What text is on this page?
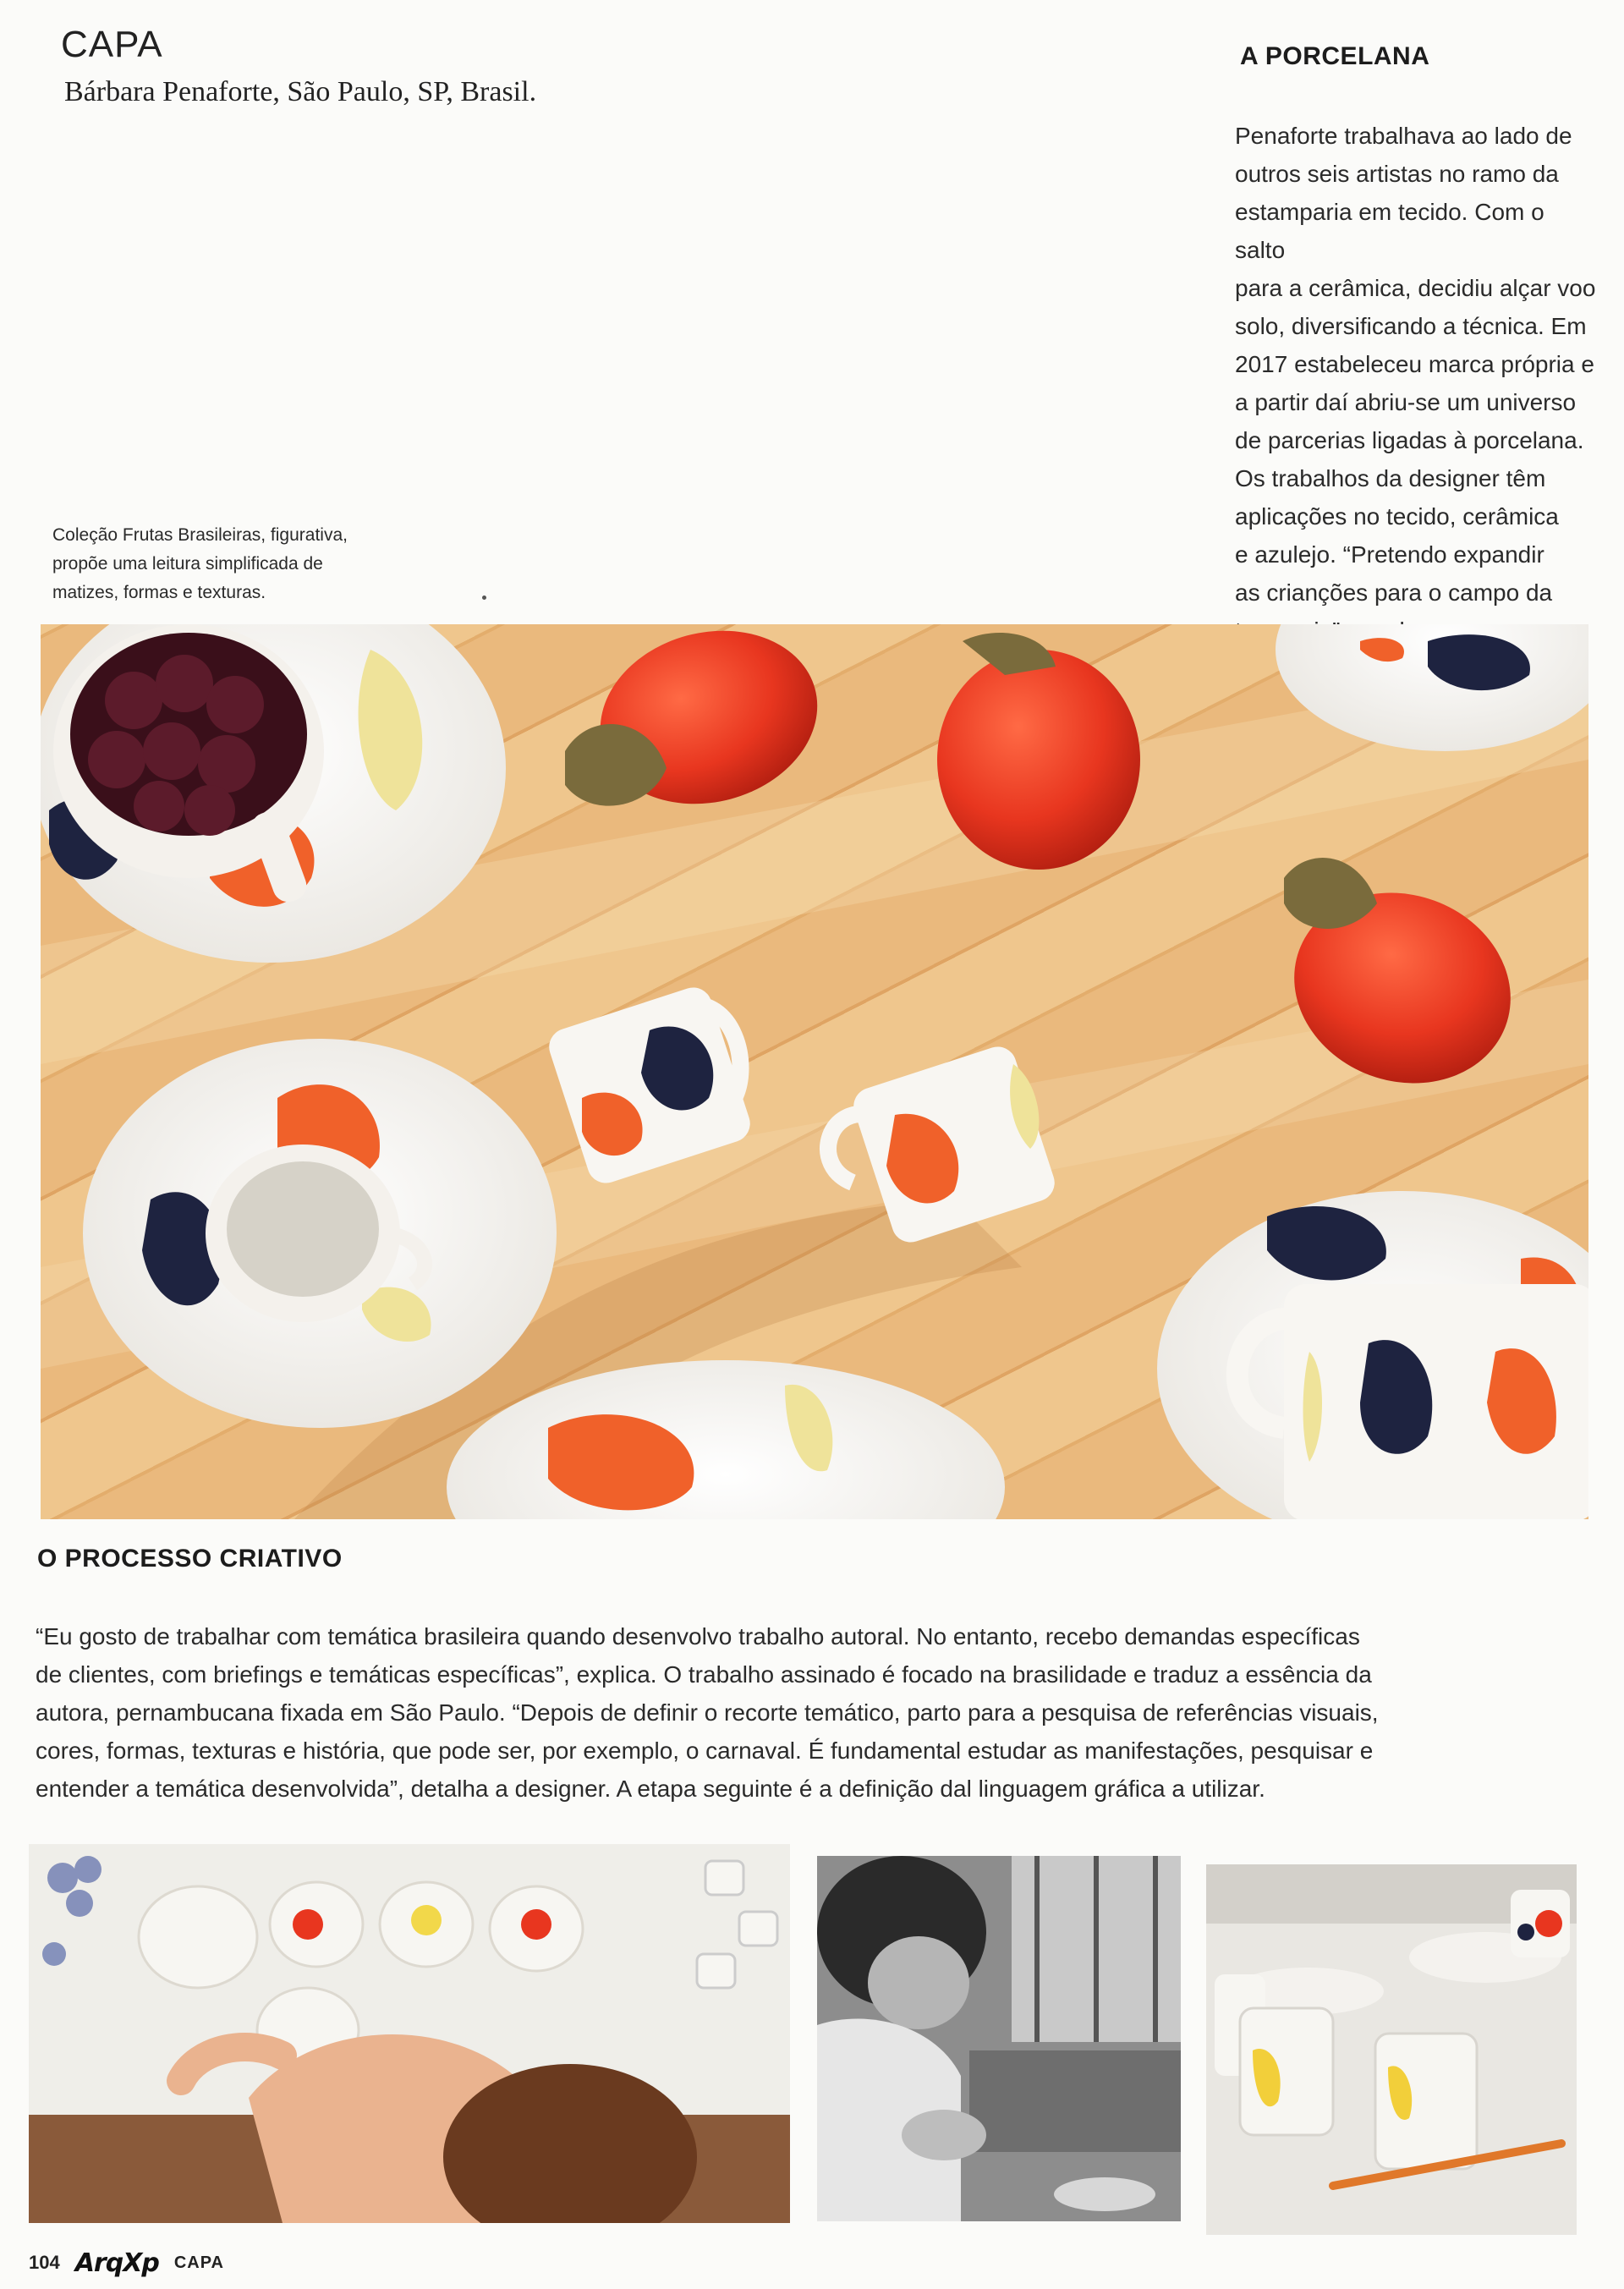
CAPA
Bárbara Penaforte, São Paulo, SP, Brasil.
A PORCELANA

Penaforte trabalhava ao lado de

outros seis artistas no ramo da

estamparia em tecido. Com o salto

para a cerâmica, decidiu alçar voo

solo, diversificando a técnica. Em

2017 estabeleceu marca própria e

a partir daí abriu-se um universo

de parcerias ligadas à porcelana.

Os trabalhos da designer têm

aplicações no tecido, cerâmica

e azulejo. “Pretendo expandir

as crianções para o campo da

Coleção Frutas Brasileiras, figurativa,
propõe uma leitura simplificada de
matizes, formas e texturas.
O PROCESSO CRIATIVO

“Eu gosto de trabalhar com temática brasileira quando desenvolvo trabalho autoral. No entanto, recebo demandas específicas

de clientes, com briefings e temáticas específicas”, explica. O trabalho assinado é focado na brasilidade e traduz a essência da

autora, pernambucana fixada em São Paulo. “Depois de definir o recorte temático, parto para a pesquisa de referências visuais,

cores, formas, texturas e história, que pode ser, por exemplo, o carnaval. É fundamental estudar as manifestações, pesquisar e

entender a temática desenvolvida”, detalha a designer. A etapa seguinte é a definição dal linguagem gráfica a utilizar.

104 ArqXp CAPA
